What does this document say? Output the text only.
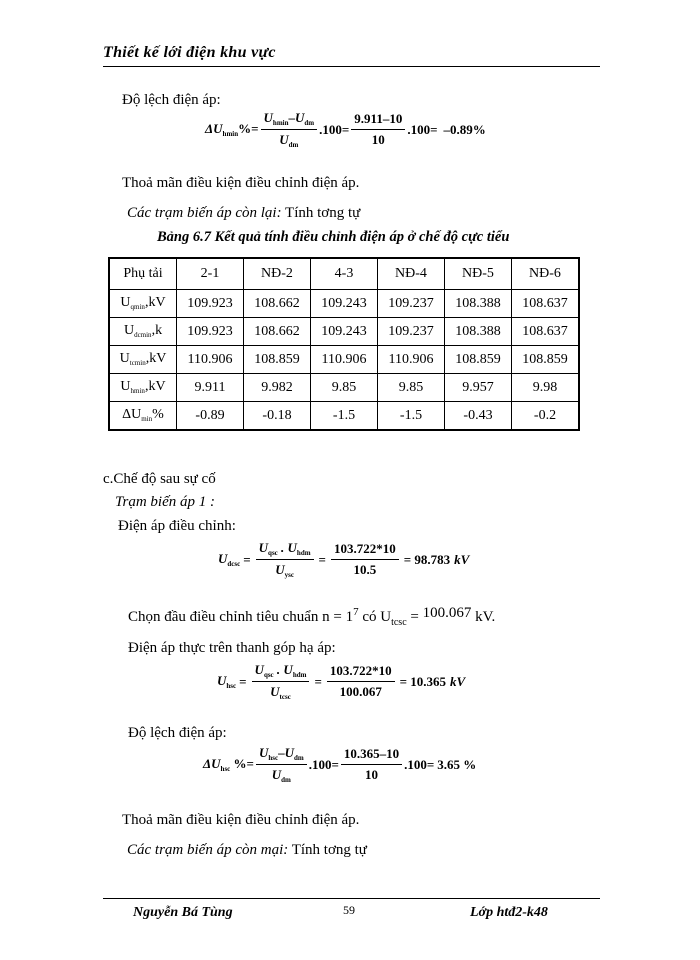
Thiết kế lới điện khu vực
Độ lệch điện áp:
$\Delta U_{hmin}\%= \frac{U_{hmin}-U_{dm}}{U_{dm}} .100= \frac{9.911-10}{10} .100= -0.89\%$
Thoả mãn điều kiện điều chỉnh điện áp.
Các trạm biến áp còn lại: Tính tơng tự
Bảng 6.7 Kết quả tính điều chỉnh điện áp ở chế độ cực tiểu
Phụ tải	2-1	NĐ-2	4-3	NĐ-4	NĐ-5	NĐ-6
$U_{qmin},kV$	109.923	108.662	109.243	109.237	108.388	108.637
$U_{dcmin},k$	109.923	108.662	109.243	109.237	108.388	108.637
$U_{tcmin},kV$	110.906	108.859	110.906	110.906	108.859	108.859
$U_{hmin},kV$	9.911	9.982	9.85	9.85	9.957	9.98
$\Delta U_{min}\%$	-0.89	-0.18	-1.5	-1.5	-0.43	-0.2
c.Chế độ sau sự cố
Trạm biến áp 1 :
Điện áp điều chỉnh:
$U_{dcsc} = \frac{U_{qsc} . U_{hdm}}{U_{ysc}} = \frac{103.722*10}{10.5} = 98.783$ kV
Chọn đầu điều chỉnh tiêu chuẩn $n = 1^7$ có $U_{tcsc} = 100.067$ kV.
Điện áp thực trên thanh góp hạ áp:
$U_{hsc} = \frac{U_{qsc} . U_{hdm}}{U_{tcsc}} = \frac{103.722*10}{100.067} = 10.365$ kV
Độ lệch điện áp:
$\Delta U_{hsc}$ %= $\frac{U_{hsc}-U_{dm}}{U_{dm}} .100= \frac{10.365-10}{10} .100= 3.65$ %
Thoả mãn điều kiện điều chỉnh điện áp.
Các trạm biến áp còn mại: Tính tơng tự
Nguyễn Bá Tùng	59	Lớp htđ2-k48
